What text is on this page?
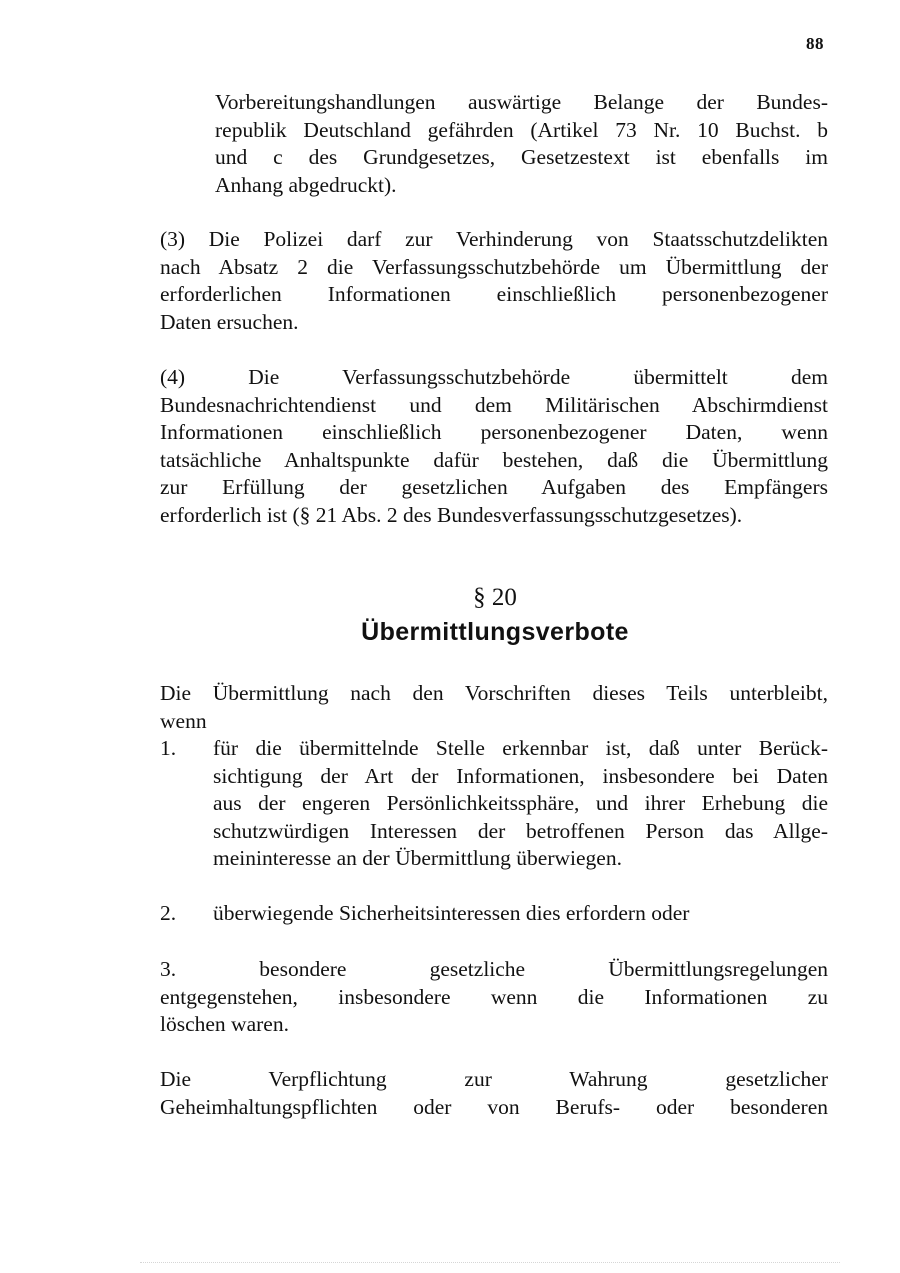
88
Vorbereitungshandlungen auswärtige Belange der Bundes-
republik Deutschland gefährden (Artikel 73 Nr. 10 Buchst. b
und c des Grundgesetzes, Gesetzestext ist ebenfalls im
Anhang abgedruckt).
(3) Die Polizei darf zur Verhinderung von Staatsschutzdelikten
nach Absatz 2 die Verfassungsschutzbehörde um Übermittlung der
erforderlichen Informationen einschließlich personenbezogener
Daten ersuchen.
(4) Die Verfassungsschutzbehörde übermittelt dem
Bundesnachrichtendienst und dem Militärischen Abschirmdienst
Informationen einschließlich personenbezogener Daten, wenn
tatsächliche Anhaltspunkte dafür bestehen, daß die Übermittlung
zur Erfüllung der gesetzlichen Aufgaben des Empfängers
erforderlich ist (§ 21 Abs. 2 des Bundesverfassungsschutzgesetzes).
§ 20
Übermittlungsverbote
Die Übermittlung nach den Vorschriften dieses Teils unterbleibt,
wenn
1. für die übermittelnde Stelle erkennbar ist, daß unter Berück-
sichtigung der Art der Informationen, insbesondere bei Daten
aus der engeren Persönlichkeitssphäre, und ihrer Erhebung die
schutzwürdigen Interessen der betroffenen Person das Allge-
meininteresse an der Übermittlung überwiegen.
2. überwiegende Sicherheitsinteressen dies erfordern oder
3. besondere gesetzliche Übermittlungsregelungen
entgegenstehen, insbesondere wenn die Informationen zu
löschen waren.
Die Verpflichtung zur Wahrung gesetzlicher
Geheimhaltungspflichten oder von Berufs- oder besonderen
